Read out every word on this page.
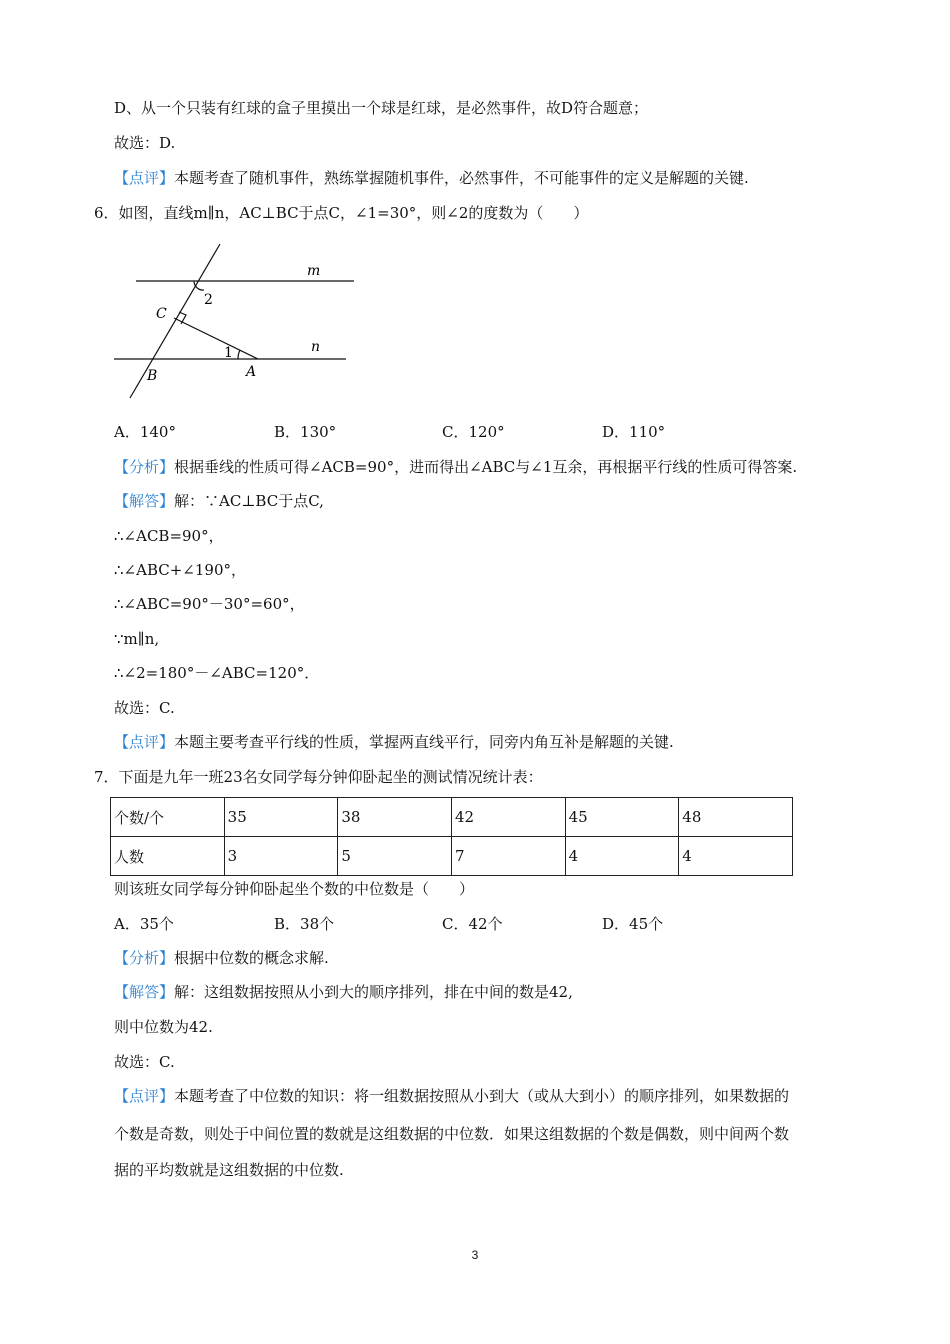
D、从一个只装有红球的盒子里摸出一个球是红球，是必然事件，故D符合题意；
故选：D.
【点评】本题考查了随机事件，熟练掌握随机事件，必然事件，不可能事件的定义是解题的关键.
6．如图，直线m∥n，AC⊥BC于点C，∠1=30°，则∠2的度数为（　　）
m
n
2
C
1
B	A
A．140°	B．130°	C．120°	D．110°
【分析】根据垂线的性质可得∠ACB=90°，进而得出∠ABC与∠1互余，再根据平行线的性质可得答案.
【解答】解：∵AC⊥BC于点C,
∴∠ACB=90°，
∴∠ABC+∠190°，
∴∠ABC=90°－30°=60°，
∵m∥n,
∴∠2=180°－∠ABC=120°．
故选：C.
【点评】本题主要考查平行线的性质，掌握两直线平行，同旁内角互补是解题的关键.
7．下面是九年一班23名女同学每分钟仰卧起坐的测试情况统计表：
个数/个	35	38	42	45	48
人数	3	5	7	4	4
则该班女同学每分钟仰卧起坐个数的中位数是（　　）
A．35个	B．38个	C．42个	D．45个
【分析】根据中位数的概念求解.
【解答】解：这组数据按照从小到大的顺序排列，排在中间的数是42,
则中位数为42.
故选：C.
【点评】本题考查了中位数的知识：将一组数据按照从小到大（或从大到小）的顺序排列，如果数据的
个数是奇数，则处于中间位置的数就是这组数据的中位数．如果这组数据的个数是偶数，则中间两个数
据的平均数就是这组数据的中位数.
3
